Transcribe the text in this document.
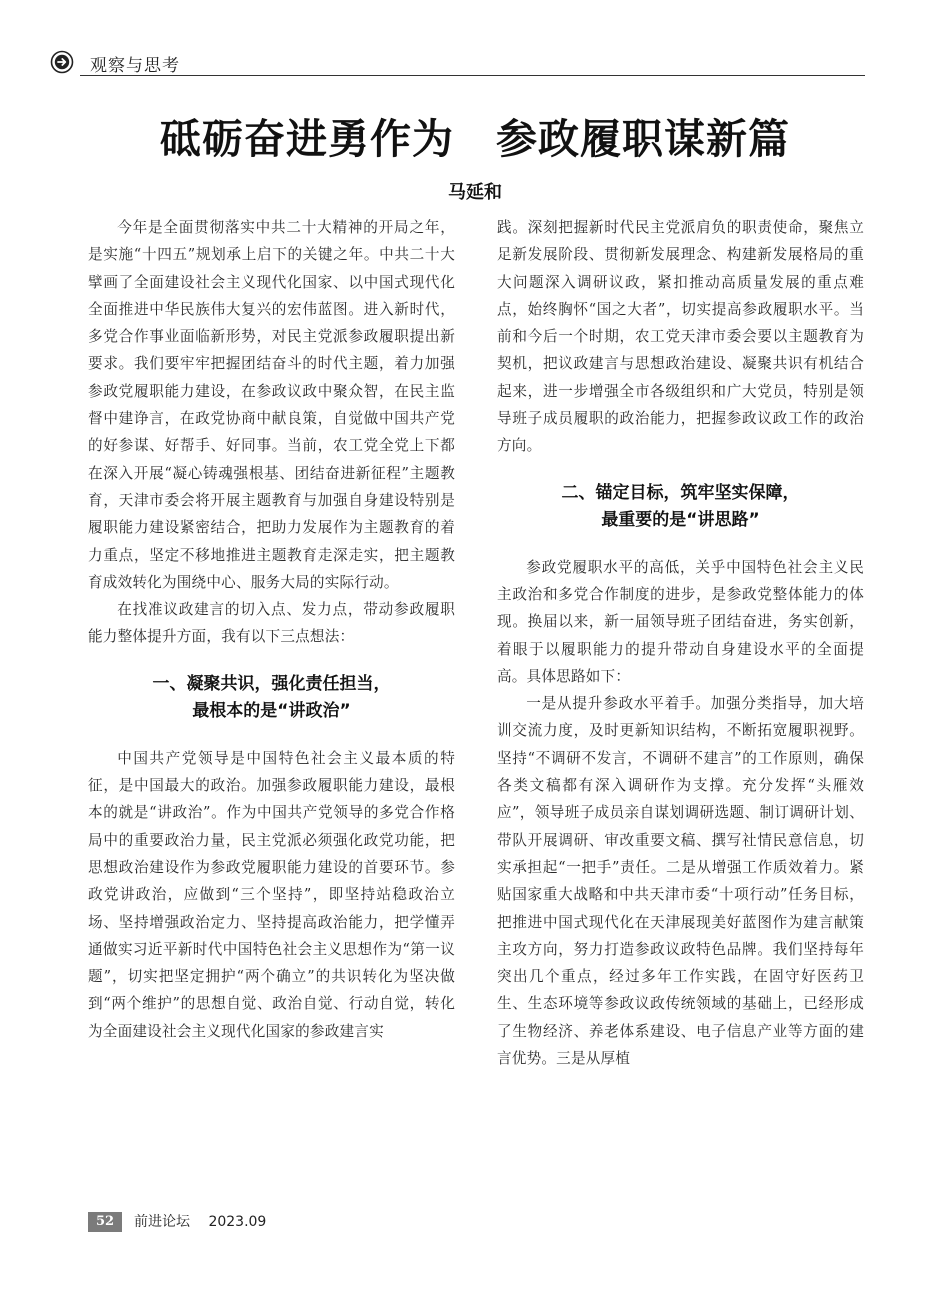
观察与思考
砥砺奋进勇作为　参政履职谋新篇
马延和

今年是全面贯彻落实中共二十大精神的开局之年，是实施“十四五”规划承上启下的关键之年。中共二十大擘画了全面建设社会主义现代化国家、以中国式现代化全面推进中华民族伟大复兴的宏伟蓝图。进入新时代，多党合作事业面临新形势，对民主党派参政履职提出新要求。我们要牢牢把握团结奋斗的时代主题，着力加强参政党履职能力建设，在参政议政中聚众智，在民主监督中建诤言，在政党协商中献良策，自觉做中国共产党的好参谋、好帮手、好同事。当前，农工党全党上下都在深入开展“凝心铸魂强根基、团结奋进新征程”主题教育，天津市委会将开展主题教育与加强自身建设特别是履职能力建设紧密结合，把助力发展作为主题教育的着力重点，坚定不移地推进主题教育走深走实，把主题教育成效转化为围绕中心、服务大局的实际行动。

在找准议政建言的切入点、发力点，带动参政履职能力整体提升方面，我有以下三点想法：

一、凝聚共识，强化责任担当，
最根本的是“讲政治”

中国共产党领导是中国特色社会主义最本质的特征，是中国最大的政治。加强参政履职能力建设，最根本的就是“讲政治”。作为中国共产党领导的多党合作格局中的重要政治力量，民主党派必须强化政党功能，把思想政治建设作为参政党履职能力建设的首要环节。参政党讲政治，应做到“三个坚持”，即坚持站稳政治立场、坚持增强政治定力、坚持提高政治能力，把学懂弄通做实习近平新时代中国特色社会主义思想作为“第一议题”，切实把坚定拥护“两个确立”的共识转化为坚决做到“两个维护”的思想自觉、政治自觉、行动自觉，转化为全面建设社会主义现代化国家的参政建言实

践。深刻把握新时代民主党派肩负的职责使命，聚焦立足新发展阶段、贯彻新发展理念、构建新发展格局的重大问题深入调研议政，紧扣推动高质量发展的重点难点，始终胸怀“国之大者”，切实提高参政履职水平。当前和今后一个时期，农工党天津市委会要以主题教育为契机，把议政建言与思想政治建设、凝聚共识有机结合起来，进一步增强全市各级组织和广大党员，特别是领导班子成员履职的政治能力，把握参政议政工作的政治方向。

二、锚定目标，筑牢坚实保障，
最重要的是“讲思路”

参政党履职水平的高低，关乎中国特色社会主义民主政治和多党合作制度的进步，是参政党整体能力的体现。换届以来，新一届领导班子团结奋进，务实创新，着眼于以履职能力的提升带动自身建设水平的全面提高。具体思路如下：

一是从提升参政水平着手。加强分类指导，加大培训交流力度，及时更新知识结构，不断拓宽履职视野。坚持“不调研不发言，不调研不建言”的工作原则，确保各类文稿都有深入调研作为支撑。充分发挥“头雁效应”，领导班子成员亲自谋划调研选题、制订调研计划、带队开展调研、审改重要文稿、撰写社情民意信息，切实承担起“一把手”责任。二是从增强工作质效着力。紧贴国家重大战略和中共天津市委“十项行动”任务目标，把推进中国式现代化在天津展现美好蓝图作为建言献策主攻方向，努力打造参政议政特色品牌。我们坚持每年突出几个重点，经过多年工作实践，在固守好医药卫生、生态环境等参政议政传统领域的基础上，已经形成了生物经济、养老体系建设、电子信息产业等方面的建言优势。三是从厚植

52	前进论坛　 2023.09
